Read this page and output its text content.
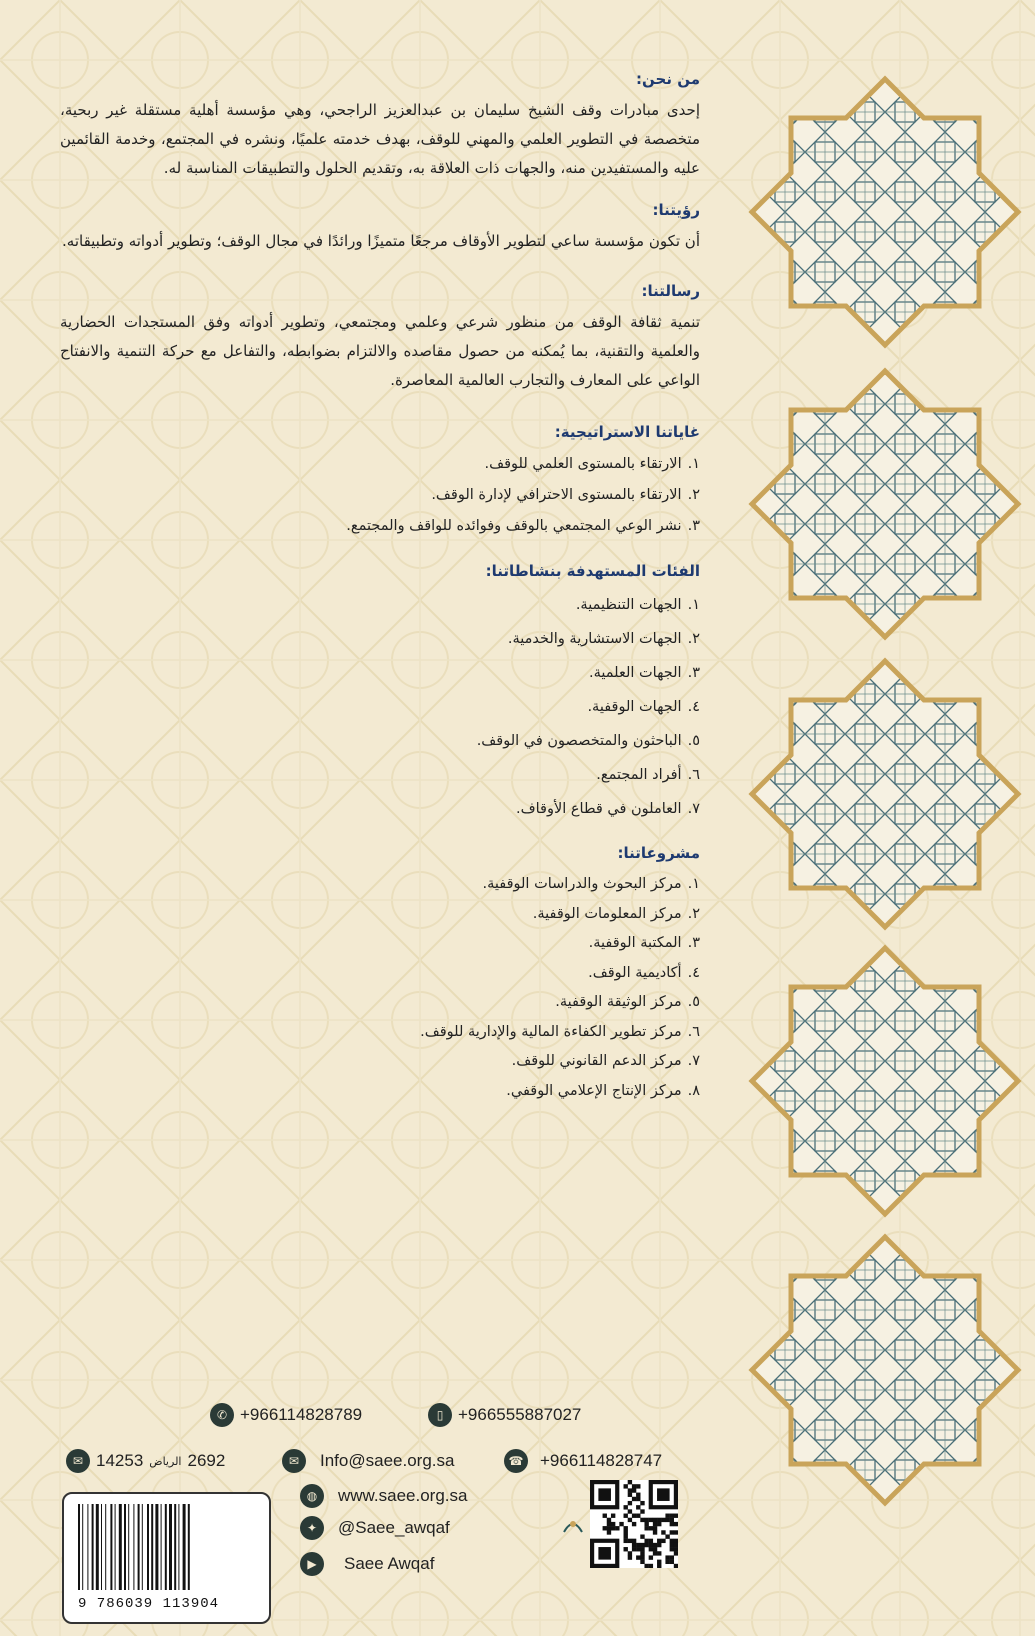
من نحن:

إحدى مبادرات وقف الشيخ سليمان بن عبدالعزيز الراجحي، وهي مؤسسة أهلية مستقلة غير ربحية، متخصصة في التطوير العلمي والمهني للوقف، بهدف خدمته علميًا، ونشره في المجتمع، وخدمة القائمين عليه والمستفيدين منه، والجهات ذات العلاقة به، وتقديم الحلول والتطبيقات المناسبة له.

رؤيتنا:

أن تكون مؤسسة ساعي لتطوير الأوقاف مرجعًا متميزًا ورائدًا في مجال الوقف؛ وتطوير أدواته وتطبيقاته.

رسالتنا:

تنمية ثقافة الوقف من منظور شرعي وعلمي ومجتمعي، وتطوير أدواته وفق المستجدات الحضارية والعلمية والتقنية، بما يُمكنه من حصول مقاصده والالتزام بضوابطه، والتفاعل مع حركة التنمية والانفتاح الواعي على المعارف والتجارب العالمية المعاصرة.

غاياتنا الاستراتيجية:
١.الارتقاء بالمستوى العلمي للوقف.
٢.الارتقاء بالمستوى الاحترافي لإدارة الوقف.
٣.نشر الوعي المجتمعي بالوقف وفوائده للواقف والمجتمع.
الفئات المستهدفة بنشاطاتنا:
١.الجهات التنظيمية.
٢.الجهات الاستشارية والخدمية.
٣.الجهات العلمية.
٤.الجهات الوقفية.
٥.الباحثون والمتخصصون في الوقف.
٦.أفراد المجتمع.
٧.العاملون في قطاع الأوقاف.
مشروعاتنا:
١.مركز البحوث والدراسات الوقفية.
٢.مركز المعلومات الوقفية.
٣.المكتبة الوقفية.
٤.أكاديمية الوقف.
٥.مركز الوثيقة الوقفية.
٦.مركز تطوير الكفاءة المالية والإدارية للوقف.
٧.مركز الدعم القانوني للوقف.
٨.مركز الإنتاج الإعلامي الوقفي.
✆ +966114828789	▯ +966555887027
✉ 14253 الرياض 2692	✉	Info@saee.org.sa	☎ +966114828747
◍	www.saee.org.sa
✦	@Saee_awqaf
▶	Saee Awqaf
9 786039 113904
